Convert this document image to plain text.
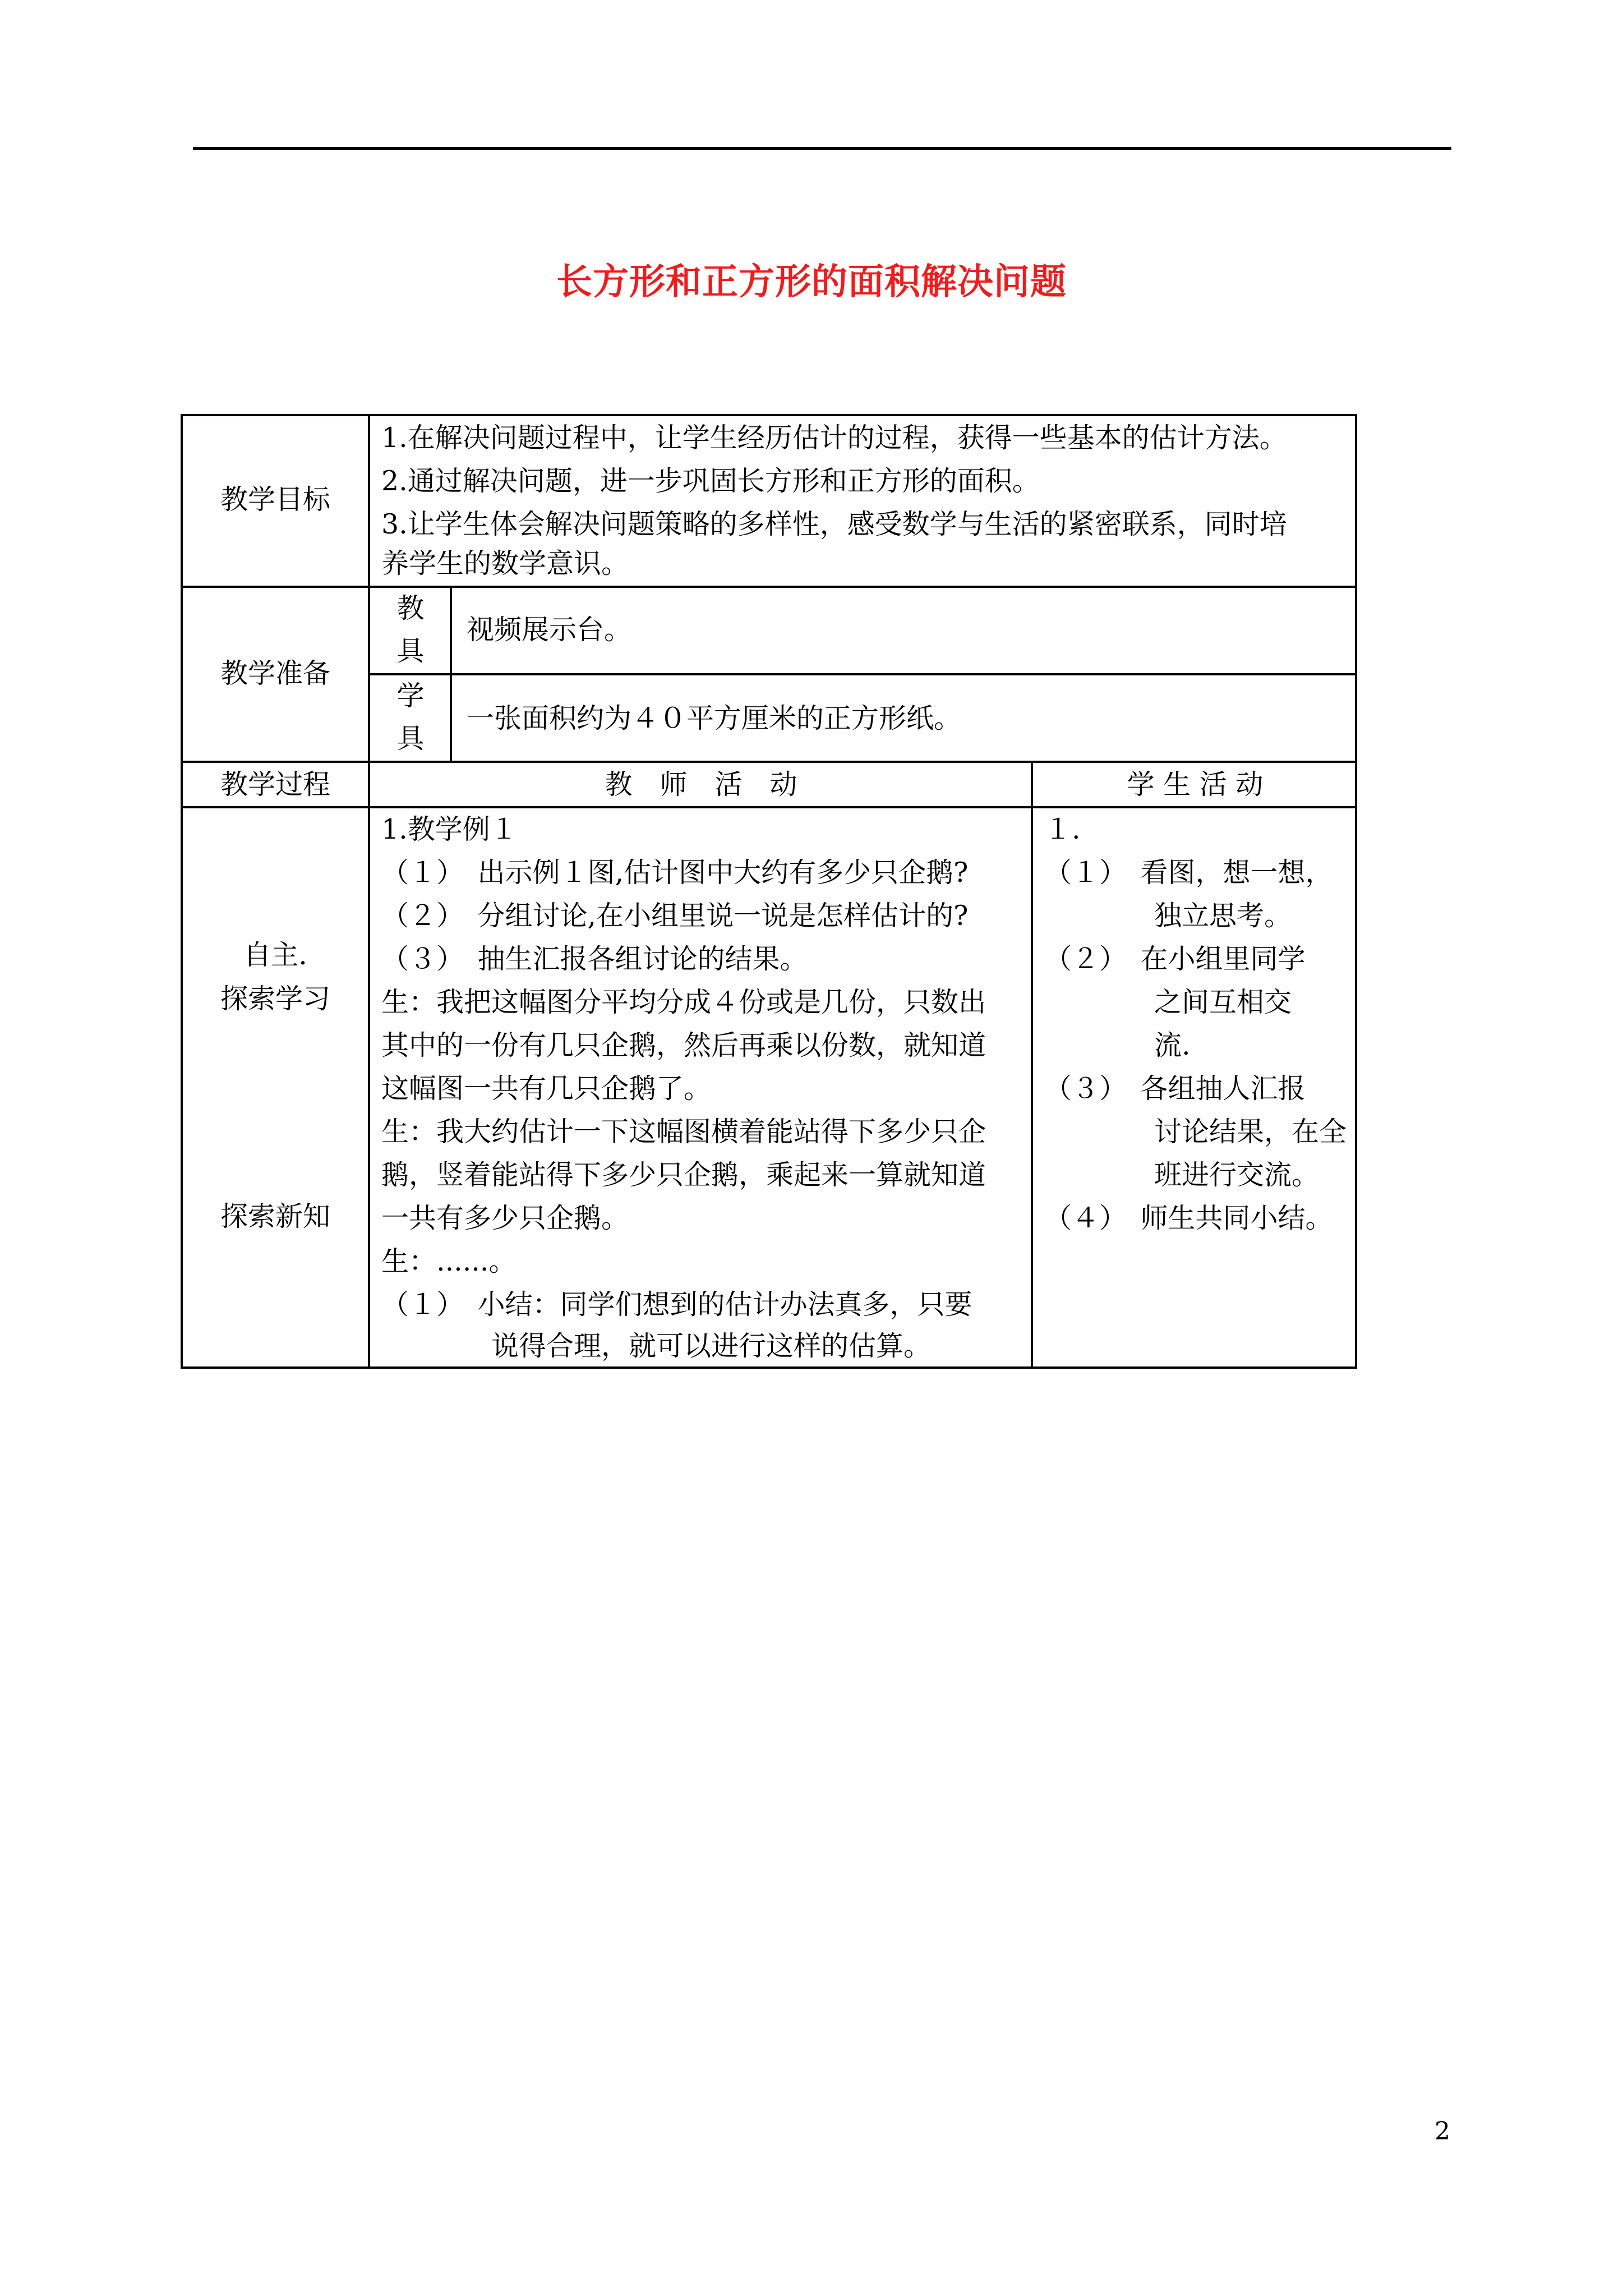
长方形和正方形的面积解决问题
教学目标
1.在解决问题过程中，让学生经历估计的过程，获得一些基本的估计方法。
2.通过解决问题，进一步巩固长方形和正方形的面积。
3.让学生体会解决问题策略的多样性，感受数学与生活的紧密联系，同时培
养学生的数学意识。
教学准备
教
具
视频展示台。
学
具
一张面积约为４０平方厘米的正方形纸。
教学过程	教　师　活　动	学 生 活 动
自主.
探索学习
探索新知
1.教学例１
（１）　出示例１图,估计图中大约有多少只企鹅?
（２）　分组讨论,在小组里说一说是怎样估计的?
（３）　抽生汇报各组讨论的结果。
生：我把这幅图分平均分成４份或是几份，只数出
其中的一份有几只企鹅，然后再乘以份数，就知道
这幅图一共有几只企鹅了。
生：我大约估计一下这幅图横着能站得下多少只企
鹅，竖着能站得下多少只企鹅，乘起来一算就知道
一共有多少只企鹅。
生：......。
（１）　小结：同学们想到的估计办法真多，只要
　　　　说得合理，就可以进行这样的估算。
１.
（１）　看图，想一想，
　　　　独立思考。
（２）　在小组里同学
　　　　之间互相交
　　　　流.
（３）　各组抽人汇报
　　　　讨论结果，在全
　　　　班进行交流。
（４）　师生共同小结。
2
